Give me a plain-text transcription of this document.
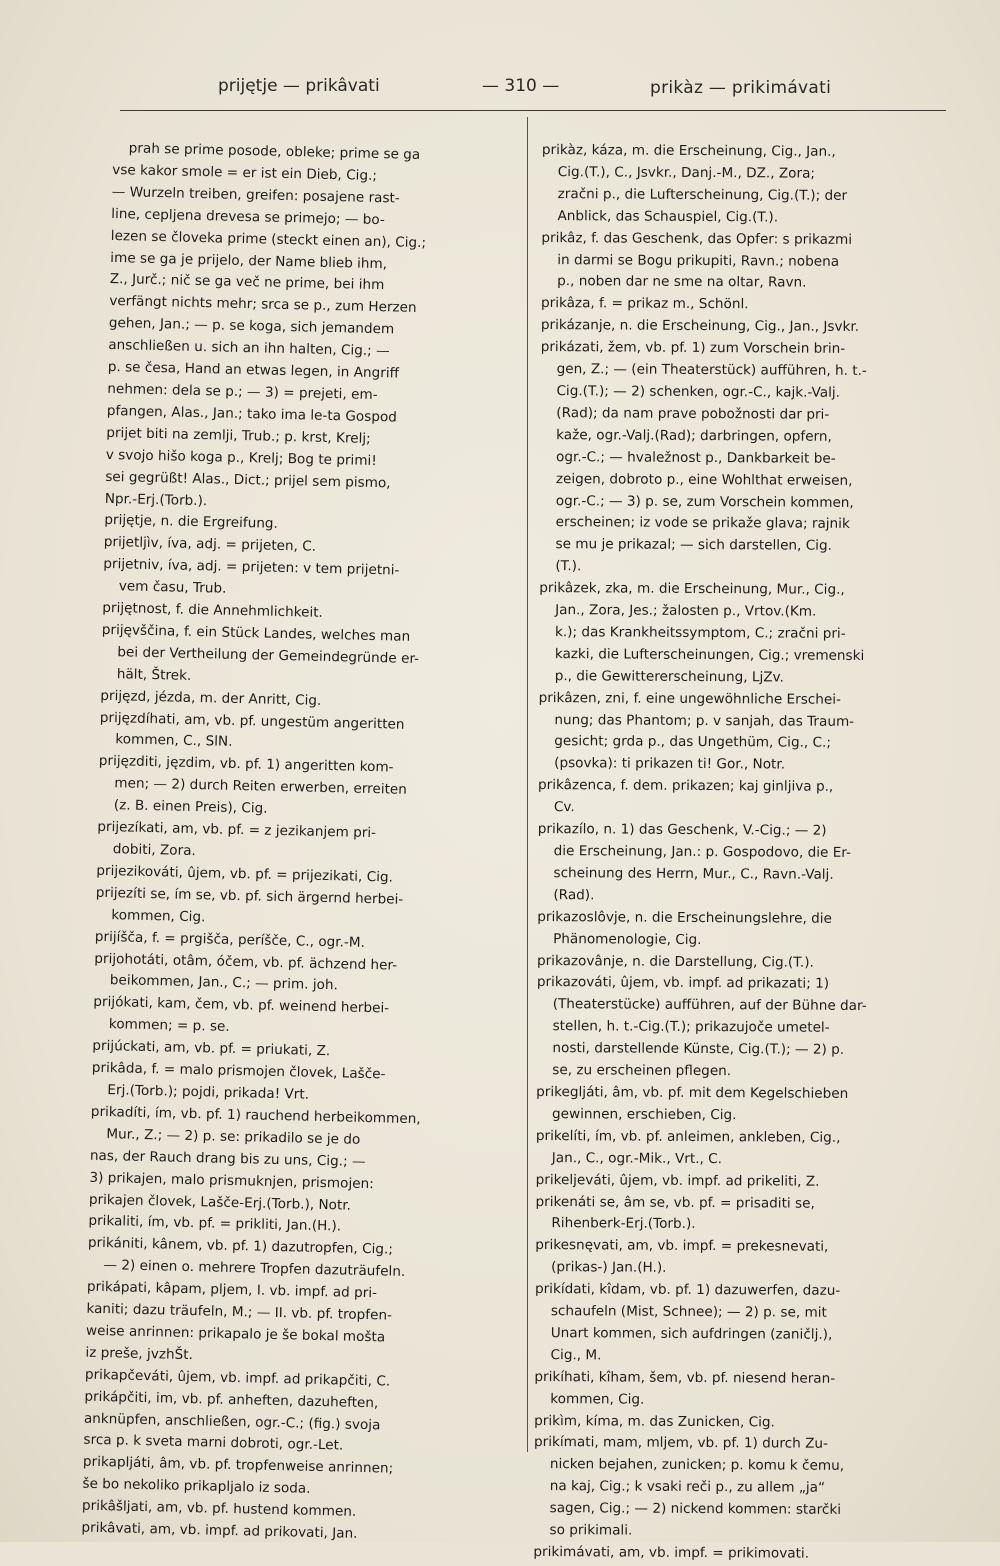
prijętje — prikâvati	— 310 —	prikàz — prikimávati
prah se prime posode, obleke; prime se ga
vse kakor smole = er ist ein Dieb, Cig.;
— Wurzeln treiben, greifen: posajene rast-
line, cepljena drevesa se primejo; — bo-
lezen se človeka prime (steckt einen an), Cig.;
ime se ga je prijelo, der Name blieb ihm,
Z., Jurč.; nič se ga več ne prime, bei ihm
verfängt nichts mehr; srca se p., zum Herzen
gehen, Jan.; — p. se koga, sich jemandem
anschließen u. sich an ihn halten, Cig.; —
p. se česa, Hand an etwas legen, in Angriff
nehmen: dela se p.; — 3) = prejeti, em-
pfangen, Alas., Jan.; tako ima le-ta Gospod
prijet biti na zemlji, Trub.; p. krst, Krelj;
v svojo hišo koga p., Krelj; Bog te primi!
sei gegrüßt! Alas., Dict.; prijel sem pismo,
Npr.-Erj.(Torb.).
prijętje, n. die Ergreifung.
prijetljìv, íva, adj. = prijeten, C.
prijetniv, íva, adj. = prijeten: v tem prijetni-
vem času, Trub.
prijętnost, f. die Annehmlichkeit.
prijęvščina, f. ein Stück Landes, welches man
bei der Vertheilung der Gemeindegründe er-
hält, Štrek.
prijęzd, jézda, m. der Anritt, Cig.
prijęzdíhati, am, vb. pf. ungestüm angeritten
kommen, C., SlN.
prijęzditi, jęzdim, vb. pf. 1) angeritten kom-
men; — 2) durch Reiten erwerben, erreiten
(z. B. einen Preis), Cig.
prijezíkati, am, vb. pf. = z jezikanjem pri-
dobiti, Zora.
prijezikováti, ûjem, vb. pf. = prijezikati, Cig.
prijezíti se, ím se, vb. pf. sich ärgernd herbei-
kommen, Cig.
prijíšča, f. = prgišča, períšče, C., ogr.-M.
prijohotáti, otâm, óčem, vb. pf. ächzend her-
beikommen, Jan., C.; — prim. joh.
prijókati, kam, čem, vb. pf. weinend herbei-
kommen; = p. se.
prijúckati, am, vb. pf. = priukati, Z.
prikâda, f. = malo prismojen človek, Lašče-
Erj.(Torb.); pojdi, prikada! Vrt.
prikadíti, ím, vb. pf. 1) rauchend herbeikommen,
Mur., Z.; — 2) p. se: prikadilo se je do
nas, der Rauch drang bis zu uns, Cig.; —
3) prikajen, malo prismuknjen, prismojen:
prikajen človek, Lašče-Erj.(Torb.), Notr.
prikaliti, ím, vb. pf. = prikliti, Jan.(H.).
prikániti, kânem, vb. pf. 1) dazutropfen, Cig.;
— 2) einen o. mehrere Tropfen dazuträufeln.
prikápati, kâpam, pljem, I. vb. impf. ad pri-
kaniti; dazu träufeln, M.; — II. vb. pf. tropfen-
weise anrinnen: prikapalo je še bokal mošta
iz preše, jvzhŠt.
prikapčeváti, ûjem, vb. impf. ad prikapčiti, C.
prikápčiti, im, vb. pf. anheften, dazuheften,
anknüpfen, anschließen, ogr.-C.; (fig.) svoja
srca p. k sveta marni dobroti, ogr.-Let.
prikapljáti, âm, vb. pf. tropfenweise anrinnen;
še bo nekoliko prikapljalo iz soda.
prikâšljati, am, vb. pf. hustend kommen.
prikâvati, am, vb. impf. ad prikovati, Jan.
prikàz, káza, m. die Erscheinung, Cig., Jan.,
Cig.(T.), C., Jsvkr., Danj.-M., DZ., Zora;
zračni p., die Lufterscheinung, Cig.(T.); der
Anblick, das Schauspiel, Cig.(T.).
prikâz, f. das Geschenk, das Opfer: s prikazmi
in darmi se Bogu prikupiti, Ravn.; nobena
p., noben dar ne sme na oltar, Ravn.
prikâza, f. = prikaz m., Schönl.
prikázanje, n. die Erscheinung, Cig., Jan., Jsvkr.
prikázati, žem, vb. pf. 1) zum Vorschein brin-
gen, Z.; — (ein Theaterstück) aufführen, h. t.-
Cig.(T.); — 2) schenken, ogr.-C., kajk.-Valj.
(Rad); da nam prave pobožnosti dar pri-
kaže, ogr.-Valj.(Rad); darbringen, opfern,
ogr.-C.; — hvaležnost p., Dankbarkeit be-
zeigen, dobroto p., eine Wohlthat erweisen,
ogr.-C.; — 3) p. se, zum Vorschein kommen,
erscheinen; iz vode se prikaže glava; rajnik
se mu je prikazal; — sich darstellen, Cig.
(T.).
prikâzek, zka, m. die Erscheinung, Mur., Cig.,
Jan., Zora, Jes.; žalosten p., Vrtov.(Km.
k.); das Krankheitssymptom, C.; zračni pri-
kazki, die Lufterscheinungen, Cig.; vremenski
p., die Gewittererscheinung, LjZv.
prikâzen, zni, f. eine ungewöhnliche Erschei-
nung; das Phantom; p. v sanjah, das Traum-
gesicht; grda p., das Ungethüm, Cig., C.;
(psovka): ti prikazen ti! Gor., Notr.
prikâzenca, f. dem. prikazen; kaj ginljiva p.,
Cv.
prikazílo, n. 1) das Geschenk, V.-Cig.; — 2)
die Erscheinung, Jan.: p. Gospodovo, die Er-
scheinung des Herrn, Mur., C., Ravn.-Valj.
(Rad).
prikazoslôvje, n. die Erscheinungslehre, die
Phänomenologie, Cig.
prikazovânje, n. die Darstellung, Cig.(T.).
prikazováti, ûjem, vb. impf. ad prikazati; 1)
(Theaterstücke) aufführen, auf der Bühne dar-
stellen, h. t.-Cig.(T.); prikazujoče umetel-
nosti, darstellende Künste, Cig.(T.); — 2) p.
se, zu erscheinen pflegen.
prikegljáti, âm, vb. pf. mit dem Kegelschieben
gewinnen, erschieben, Cig.
prikelíti, ím, vb. pf. anleimen, ankleben, Cig.,
Jan., C., ogr.-Mik., Vrt., C.
prikeljeváti, ûjem, vb. impf. ad prikeliti, Z.
prikenáti se, âm se, vb. pf. = prisaditi se,
Rihenberk-Erj.(Torb.).
prikesnęvati, am, vb. impf. = prekesnevati,
(prikas-) Jan.(H.).
prikídati, kîdam, vb. pf. 1) dazuwerfen, dazu-
schaufeln (Mist, Schnee); — 2) p. se, mit
Unart kommen, sich aufdringen (zaničlj.),
Cig., M.
prikíhati, kîham, šem, vb. pf. niesend heran-
kommen, Cig.
prikìm, kíma, m. das Zunicken, Cig.
prikímati, mam, mljem, vb. pf. 1) durch Zu-
nicken bejahen, zunicken; p. komu k čemu,
na kaj, Cig.; k vsaki reči p., zu allem „ja“
sagen, Cig.; — 2) nickend kommen: starčki
so prikimali.
prikimávati, am, vb. impf. = prikimovati.
